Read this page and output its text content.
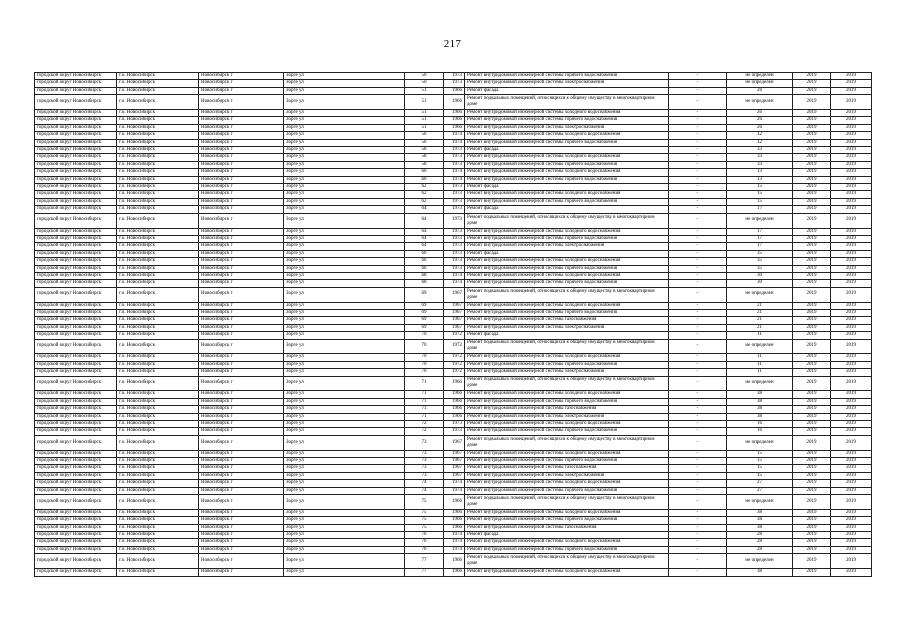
217
городской округ Новосибирск	г.о. Новосибирск	Новосибирск г	Зорге ул	50	1973	Ремонт внутридомовой инженерной системы горячего водоснабжения	-	не определен	2019	2019
городской округ Новосибирск	г.о. Новосибирск	Новосибирск г	Зорге ул	50	1973	Ремонт внутридомовой инженерной системы электроснабжения	-	не определен	2019	2019
городской округ Новосибирск	г.о. Новосибирск	Новосибирск г	Зорге ул	51	1966	Ремонт фасада	-	26	2019	2019
городской округ Новосибирск	г.о. Новосибирск	Новосибирск г	Зорге ул	51	1966	Ремонт подвальных помещений, относящихся к общему имуществу в многоквартирном доме	-	не определен	2019	2019
городской округ Новосибирск	г.о. Новосибирск	Новосибирск г	Зорге ул	51	1966	Ремонт внутридомовой инженерной системы холодного водоснабжения	-	26	2019	2019
городской округ Новосибирск	г.о. Новосибирск	Новосибирск г	Зорге ул	51	1966	Ремонт внутридомовой инженерной системы горячего водоснабжения	-	26	2019	2019
городской округ Новосибирск	г.о. Новосибирск	Новосибирск г	Зорге ул	51	1966	Ремонт внутридомовой инженерной системы электроснабжения	-	26	2019	2019
городской округ Новосибирск	г.о. Новосибирск	Новосибирск г	Зорге ул	56	1974	Ремонт внутридомовой инженерной системы холодного водоснабжения	-	12	2019	2019
городской округ Новосибирск	г.о. Новосибирск	Новосибирск г	Зорге ул	56	1974	Ремонт внутридомовой инженерной системы горячего водоснабжения	-	12	2019	2019
городской округ Новосибирск	г.о. Новосибирск	Новосибирск г	Зорге ул	58	1973	Ремонт фасада	-	33	2019	2019
городской округ Новосибирск	г.о. Новосибирск	Новосибирск г	Зорге ул	58	1973	Ремонт внутридомовой инженерной системы холодного водоснабжения	-	33	2019	2019
городской округ Новосибирск	г.о. Новосибирск	Новосибирск г	Зорге ул	58	1973	Ремонт внутридомовой инженерной системы горячего водоснабжения	-	33	2019	2019
городской округ Новосибирск	г.о. Новосибирск	Новосибирск г	Зорге ул	60	1974	Ремонт внутридомовой инженерной системы холодного водоснабжения	-	13	2019	2019
городской округ Новосибирск	г.о. Новосибирск	Новосибирск г	Зорге ул	60	1974	Ремонт внутридомовой инженерной системы горячего водоснабжения	-	13	2019	2019
городской округ Новосибирск	г.о. Новосибирск	Новосибирск г	Зорге ул	62	1973	Ремонт фасада	-	15	2019	2019
городской округ Новосибирск	г.о. Новосибирск	Новосибирск г	Зорге ул	62	1973	Ремонт внутридомовой инженерной системы холодного водоснабжения	-	15	2019	2019
городской округ Новосибирск	г.о. Новосибирск	Новосибирск г	Зорге ул	62	1973	Ремонт внутридомовой инженерной системы горячего водоснабжения	-	15	2019	2019
городской округ Новосибирск	г.о. Новосибирск	Новосибирск г	Зорге ул	64	1973	Ремонт фасада	-	17	2019	2019
городской округ Новосибирск	г.о. Новосибирск	Новосибирск г	Зорге ул	64	1973	Ремонт подвальных помещений, относящихся к общему имуществу в многоквартирном доме	-	не определен	2019	2019
городской округ Новосибирск	г.о. Новосибирск	Новосибирск г	Зорге ул	64	1973	Ремонт внутридомовой инженерной системы холодного водоснабжения	-	17	2019	2019
городской округ Новосибирск	г.о. Новосибирск	Новосибирск г	Зорге ул	64	1973	Ремонт внутридомовой инженерной системы горячего водоснабжения	-	17	2019	2019
городской округ Новосибирск	г.о. Новосибирск	Новосибирск г	Зорге ул	64	1973	Ремонт внутридомовой инженерной системы электроснабжения	-	17	2019	2019
городской округ Новосибирск	г.о. Новосибирск	Новосибирск г	Зорге ул	66	1973	Ремонт фасада	-	35	2019	2019
городской округ Новосибирск	г.о. Новосибирск	Новосибирск г	Зорге ул	66	1973	Ремонт внутридомовой инженерной системы холодного водоснабжения	-	35	2019	2019
городской округ Новосибирск	г.о. Новосибирск	Новосибирск г	Зорге ул	66	1973	Ремонт внутридомовой инженерной системы горячего водоснабжения	-	35	2019	2019
городской округ Новосибирск	г.о. Новосибирск	Новосибирск г	Зорге ул	68	1974	Ремонт внутридомовой инженерной системы холодного водоснабжения	-	30	2019	2019
городской округ Новосибирск	г.о. Новосибирск	Новосибирск г	Зорге ул	68	1974	Ремонт внутридомовой инженерной системы горячего водоснабжения	-	30	2019	2019
городской округ Новосибирск	г.о. Новосибирск	Новосибирск г	Зорге ул	69	1967	Ремонт подвальных помещений, относящихся к общему имуществу в многоквартирном доме	-	не определен	2019	2019
городской округ Новосибирск	г.о. Новосибирск	Новосибирск г	Зорге ул	69	1967	Ремонт внутридомовой инженерной системы холодного водоснабжения	-	21	2019	2019
городской округ Новосибирск	г.о. Новосибирск	Новосибирск г	Зорге ул	69	1967	Ремонт внутридомовой инженерной системы горячего водоснабжения	-	21	2019	2019
городской округ Новосибирск	г.о. Новосибирск	Новосибирск г	Зорге ул	69	1967	Ремонт внутридомовой инженерной системы газоснабжения	-	21	2019	2019
городской округ Новосибирск	г.о. Новосибирск	Новосибирск г	Зорге ул	69	1967	Ремонт внутридомовой инженерной системы электроснабжения	-	21	2019	2019
городской округ Новосибирск	г.о. Новосибирск	Новосибирск г	Зорге ул	70	1972	Ремонт фасада	-	11	2019	2019
городской округ Новосибирск	г.о. Новосибирск	Новосибирск г	Зорге ул	70	1972	Ремонт подвальных помещений, относящихся к общему имуществу в многоквартирном доме	-	не определен	2019	2019
городской округ Новосибирск	г.о. Новосибирск	Новосибирск г	Зорге ул	70	1972	Ремонт внутридомовой инженерной системы холодного водоснабжения	-	11	2019	2019
городской округ Новосибирск	г.о. Новосибирск	Новосибирск г	Зорге ул	70	1972	Ремонт внутридомовой инженерной системы горячего водоснабжения	-	11	2019	2019
городской округ Новосибирск	г.о. Новосибирск	Новосибирск г	Зорге ул	70	1972	Ремонт внутридомовой инженерной системы электроснабжения	-	11	2019	2019
городской округ Новосибирск	г.о. Новосибирск	Новосибирск г	Зорге ул	71	1966	Ремонт подвальных помещений, относящихся к общему имуществу в многоквартирном доме	-	не определен	2019	2019
городской округ Новосибирск	г.о. Новосибирск	Новосибирск г	Зорге ул	71	1966	Ремонт внутридомовой инженерной системы холодного водоснабжения	-	38	2019	2019
городской округ Новосибирск	г.о. Новосибирск	Новосибирск г	Зорге ул	71	1966	Ремонт внутридомовой инженерной системы горячего водоснабжения	-	38	2019	2019
городской округ Новосибирск	г.о. Новосибирск	Новосибирск г	Зорге ул	71	1966	Ремонт внутридомовой инженерной системы газоснабжения	-	38	2019	2019
городской округ Новосибирск	г.о. Новосибирск	Новосибирск г	Зорге ул	71	1966	Ремонт внутридомовой инженерной системы электроснабжения	-	38	2019	2019
городской округ Новосибирск	г.о. Новосибирск	Новосибирск г	Зорге ул	72	1973	Ремонт внутридомовой инженерной системы холодного водоснабжения	-	16	2019	2019
городской округ Новосибирск	г.о. Новосибирск	Новосибирск г	Зорге ул	72	1973	Ремонт внутридомовой инженерной системы горячего водоснабжения	-	16	2019	2019
городской округ Новосибирск	г.о. Новосибирск	Новосибирск г	Зорге ул	73	1967	Ремонт подвальных помещений, относящихся к общему имуществу в многоквартирном доме	-	не определен	2019	2019
городской округ Новосибирск	г.о. Новосибирск	Новосибирск г	Зорге ул	73	1967	Ремонт внутридомовой инженерной системы холодного водоснабжения	-	15	2019	2019
городской округ Новосибирск	г.о. Новосибирск	Новосибирск г	Зорге ул	73	1967	Ремонт внутридомовой инженерной системы горячего водоснабжения	-	15	2019	2019
городской округ Новосибирск	г.о. Новосибирск	Новосибирск г	Зорге ул	73	1967	Ремонт внутридомовой инженерной системы газоснабжения	-	15	2019	2019
городской округ Новосибирск	г.о. Новосибирск	Новосибирск г	Зорге ул	73	1967	Ремонт внутридомовой инженерной системы электроснабжения	-	15	2019	2019
городской округ Новосибирск	г.о. Новосибирск	Новосибирск г	Зорге ул	74	1974	Ремонт внутридомовой инженерной системы холодного водоснабжения	-	27	2019	2019
городской округ Новосибирск	г.о. Новосибирск	Новосибирск г	Зорге ул	74	1974	Ремонт внутридомовой инженерной системы горячего водоснабжения	-	27	2019	2019
городской округ Новосибирск	г.о. Новосибирск	Новосибирск г	Зорге ул	75	1966	Ремонт подвальных помещений, относящихся к общему имуществу в многоквартирном доме	-	не определен	2019	2019
городской округ Новосибирск	г.о. Новосибирск	Новосибирск г	Зорге ул	75	1966	Ремонт внутридомовой инженерной системы холодного водоснабжения	-	38	2019	2019
городской округ Новосибирск	г.о. Новосибирск	Новосибирск г	Зорге ул	75	1966	Ремонт внутридомовой инженерной системы горячего водоснабжения	-	38	2019	2019
городской округ Новосибирск	г.о. Новосибирск	Новосибирск г	Зорге ул	75	1966	Ремонт внутридомовой инженерной системы газоснабжения	-	38	2019	2019
городской округ Новосибирск	г.о. Новосибирск	Новосибирск г	Зорге ул	76	1974	Ремонт фасада	-	28	2019	2019
городской округ Новосибирск	г.о. Новосибирск	Новосибирск г	Зорге ул	76	1974	Ремонт внутридомовой инженерной системы холодного водоснабжения	-	28	2019	2019
городской округ Новосибирск	г.о. Новосибирск	Новосибирск г	Зорге ул	76	1974	Ремонт внутридомовой инженерной системы горячего водоснабжения	-	28	2019	2019
городской округ Новосибирск	г.о. Новосибирск	Новосибирск г	Зорге ул	77	1966	Ремонт подвальных помещений, относящихся к общему имуществу в многоквартирном доме	-	не определен	2019	2019
городской округ Новосибирск	г.о. Новосибирск	Новосибирск г	Зорге ул	77	1966	Ремонт внутридомовой инженерной системы холодного водоснабжения	-	38	2019	2019
